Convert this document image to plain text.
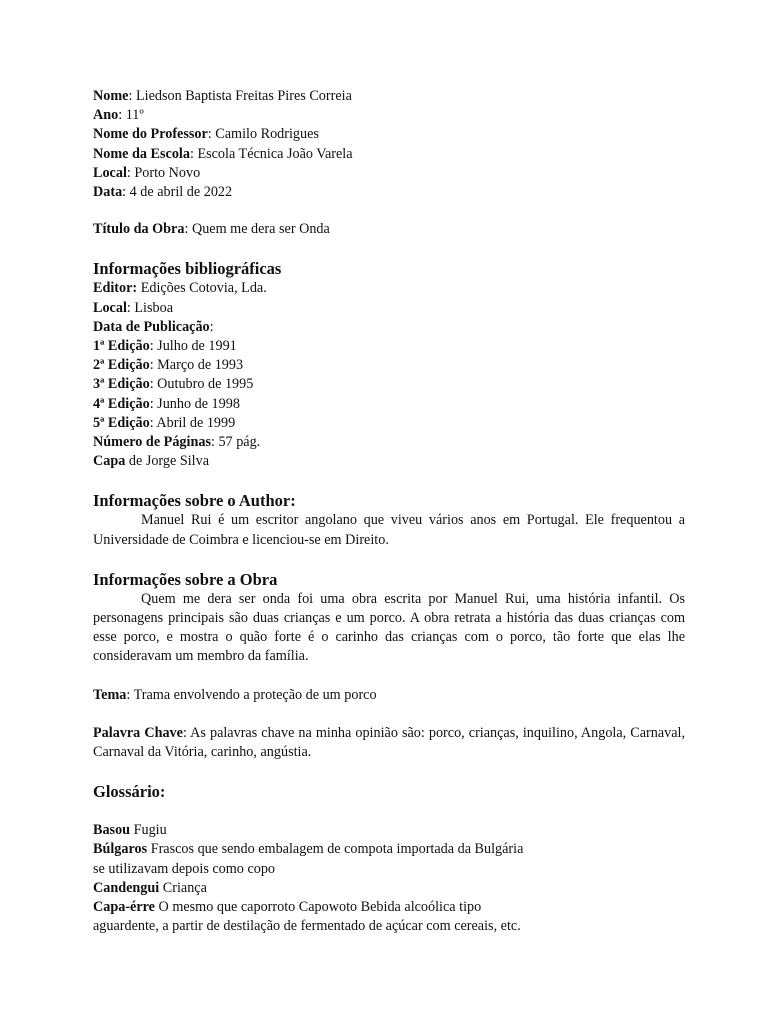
Nome: Liedson Baptista Freitas Pires Correia
Ano: 11º
Nome do Professor: Camilo Rodrigues
Nome da Escola: Escola Técnica João Varela
Local: Porto Novo
Data: 4 de abril de 2022
Título da Obra: Quem me dera ser Onda
Informações bibliográficas
Editor: Edições Cotovia, Lda.
Local: Lisboa
Data de Publicação:
1ª Edição: Julho de 1991
2ª Edição: Março de 1993
3ª Edição: Outubro de 1995
4ª Edição: Junho de 1998
5ª Edição: Abril de 1999
Número de Páginas: 57 pág.
Capa de Jorge Silva
Informações sobre o Author:
Manuel Rui é um escritor angolano que viveu vários anos em Portugal. Ele frequentou a Universidade de Coimbra e licenciou-se em Direito.
Informações sobre a Obra
Quem me dera ser onda foi uma obra escrita por Manuel Rui, uma história infantil. Os personagens principais são duas crianças e um porco. A obra retrata a história das duas crianças com esse porco, e mostra o quão forte é o carinho das crianças com o porco, tão forte que elas lhe consideravam um membro da família.
Tema: Trama envolvendo a proteção de um porco
Palavra Chave: As palavras chave na minha opinião são: porco, crianças, inquilino, Angola, Carnaval, Carnaval da Vitória, carinho, angústia.
Glossário:
Basou Fugiu
Búlgaros Frascos que sendo embalagem de compota importada da Bulgária
se utilizavam depois como copo
Candengui Criança
Capa-érre O mesmo que caporroto Capowoto Bebida alcoólica tipo
aguardente, a partir de destilação de fermentado de açúcar com cereais, etc.
